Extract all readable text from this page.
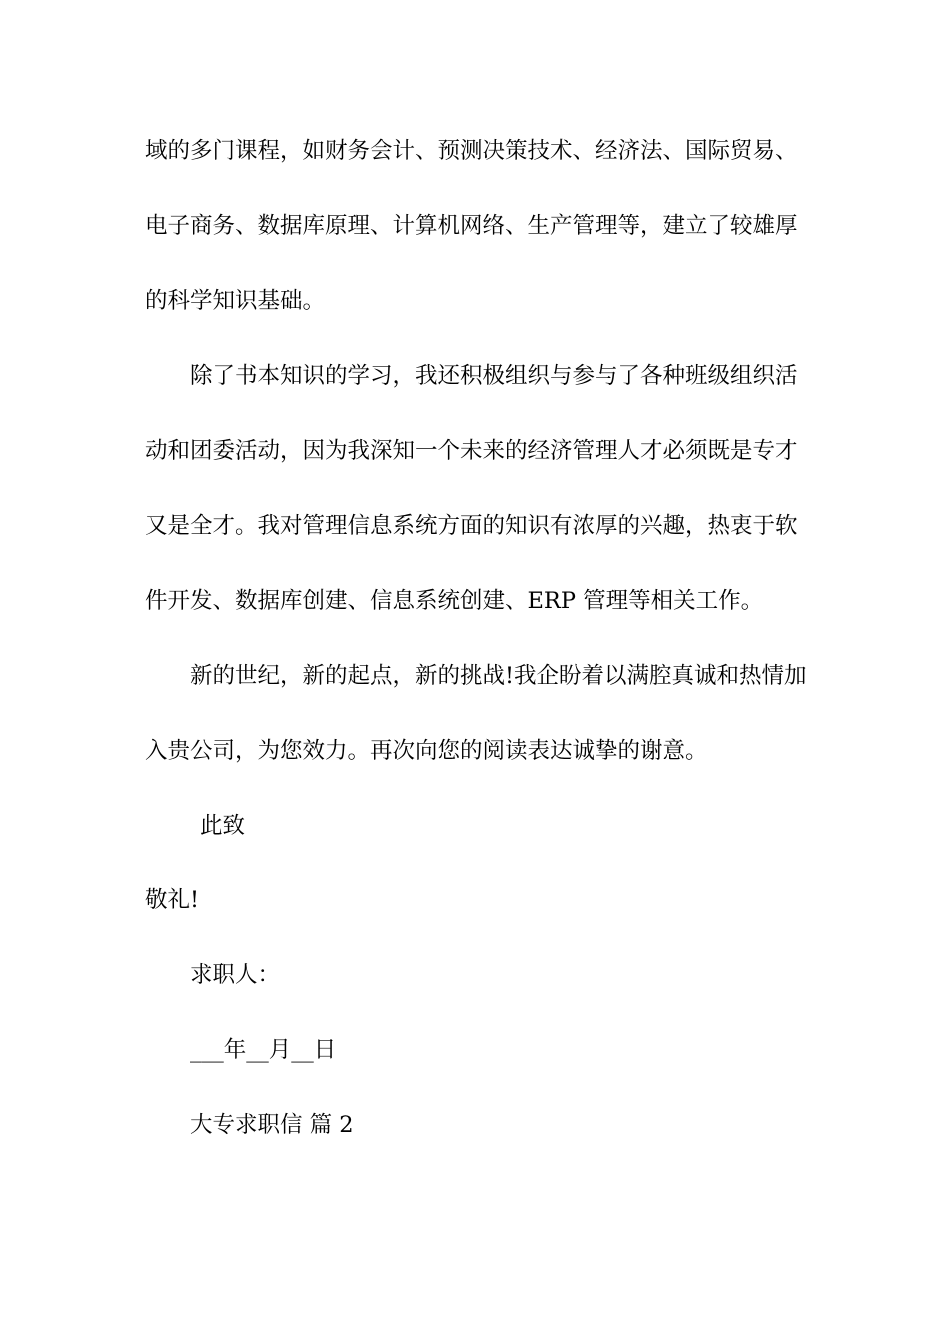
域的多门课程，如财务会计、预测决策技术、经济法、国际贸易、
电子商务、数据库原理、计算机网络、生产管理等，建立了较雄厚
的科学知识基础。
除了书本知识的学习，我还积极组织与参与了各种班级组织活
动和团委活动，因为我深知一个未来的经济管理人才必须既是专才
又是全才。我对管理信息系统方面的知识有浓厚的兴趣，热衷于软
件开发、数据库创建、信息系统创建、ERP 管理等相关工作。
新的世纪，新的起点，新的挑战!我企盼着以满腔真诚和热情加
入贵公司，为您效力。再次向您的阅读表达诚挚的谢意。
此致
敬礼!
求职人：
___年__月__日
大专求职信 篇 2
